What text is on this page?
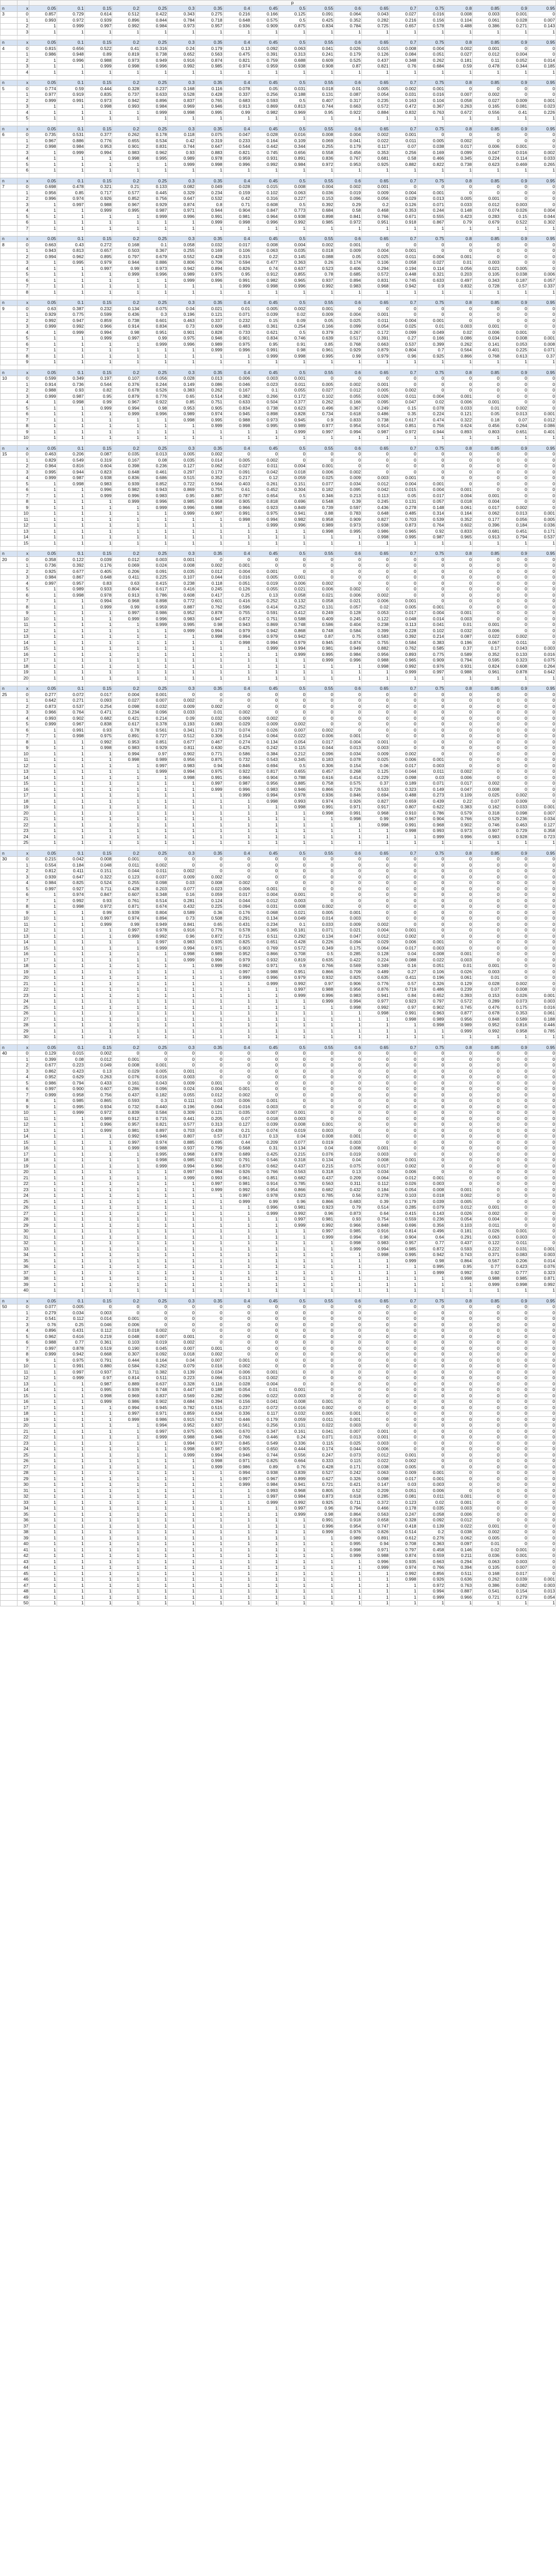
		p																		
n	x	0.05	0.1	0.15	0.2	0.25	0.3	0.35	0.4	0.45	0.5	0.55	0.6	0.65	0.7	0.75	0.8	0.85	0.9	0.95
3	0	0.857	0.729	0.614	0.512	0.422	0.343	0.275	0.216	0.166	0.125	0.091	0.064	0.043	0.027	0.016	0.008	0.003	0.001	0
	1	0.993	0.972	0.939	0.896	0.844	0.784	0.718	0.648	0.575	0.5	0.425	0.352	0.282	0.216	0.156	0.104	0.061	0.028	0.007
	2	1	0.999	0.997	0.992	0.984	0.973	0.957	0.936	0.909	0.875	0.834	0.784	0.725	0.657	0.578	0.488	0.386	0.271	0.143
	3	1	1	1	1	1	1	1	1	1	1	1	1	1	1	1	1	1	1	1

n	x	0.05	0.1	0.15	0.2	0.25	0.3	0.35	0.4	0.45	0.5	0.55	0.6	0.65	0.7	0.75	0.8	0.85	0.9	0.95
4	0	0.815	0.656	0.522	0.41	0.316	0.24	0.179	0.13	0.092	0.063	0.041	0.026	0.015	0.008	0.004	0.002	0.001	0	0
	1	0.986	0.948	0.89	0.819	0.738	0.652	0.563	0.475	0.391	0.313	0.241	0.179	0.126	0.084	0.051	0.027	0.012	0.004	0
	2	1	0.996	0.988	0.973	0.949	0.916	0.874	0.821	0.759	0.688	0.609	0.525	0.437	0.348	0.262	0.181	0.11	0.052	0.014
	3	1	1	0.999	0.998	0.996	0.992	0.985	0.974	0.959	0.938	0.908	0.87	0.821	0.76	0.684	0.59	0.478	0.344	0.185
	4	1	1	1	1	1	1	1	1	1	1	1	1	1	1	1	1	1	1	1

n	x	0.05	0.1	0.15	0.2	0.25	0.3	0.35	0.4	0.45	0.5	0.55	0.6	0.65	0.7	0.75	0.8	0.85	0.9	0.95
5	0	0.774	0.59	0.444	0.328	0.237	0.168	0.116	0.078	0.05	0.031	0.018	0.01	0.005	0.002	0.001	0	0	0	0
	1	0.977	0.919	0.835	0.737	0.633	0.528	0.428	0.337	0.256	0.188	0.131	0.087	0.054	0.031	0.016	0.007	0.002	0	0
	2	0.999	0.991	0.973	0.942	0.896	0.837	0.765	0.683	0.593	0.5	0.407	0.317	0.235	0.163	0.104	0.058	0.027	0.009	0.001
	3	1	1	0.998	0.993	0.984	0.969	0.946	0.913	0.869	0.813	0.744	0.663	0.572	0.472	0.367	0.263	0.165	0.081	0.023
	4	1	1	1	1	0.999	0.998	0.995	0.99	0.982	0.969	0.95	0.922	0.884	0.832	0.763	0.672	0.556	0.41	0.226
	5	1	1	1	1	1	1	1	1	1	1	1	1	1	1	1	1	1	1	1

n	x	0.05	0.1	0.15	0.2	0.25	0.3	0.35	0.4	0.45	0.5	0.55	0.6	0.65	0.7	0.75	0.8	0.85	0.9	0.95
6	0	0.735	0.531	0.377	0.262	0.178	0.118	0.075	0.047	0.028	0.016	0.008	0.004	0.002	0.001	0	0	0	0	0
	1	0.967	0.886	0.776	0.655	0.534	0.42	0.319	0.233	0.164	0.109	0.069	0.041	0.022	0.011	0.005	0.002	0	0	0
	2	0.998	0.984	0.953	0.901	0.831	0.744	0.647	0.544	0.442	0.344	0.255	0.179	0.117	0.07	0.038	0.017	0.006	0.001	0
	3	1	0.999	0.994	0.983	0.962	0.93	0.883	0.821	0.745	0.656	0.558	0.456	0.353	0.256	0.169	0.099	0.047	0.016	0.002
	4	1	1	1	0.998	0.995	0.989	0.978	0.959	0.931	0.891	0.836	0.767	0.681	0.58	0.466	0.345	0.224	0.114	0.033
	5	1	1	1	1	1	0.999	0.998	0.996	0.992	0.984	0.972	0.953	0.925	0.882	0.822	0.738	0.623	0.469	0.265
	6	1	1	1	1	1	1	1	1	1	1	1	1	1	1	1	1	1	1	1

n	x	0.05	0.1	0.15	0.2	0.25	0.3	0.35	0.4	0.45	0.5	0.55	0.6	0.65	0.7	0.75	0.8	0.85	0.9	0.95
7	0	0.698	0.478	0.321	0.21	0.133	0.082	0.049	0.028	0.015	0.008	0.004	0.002	0.001	0	0	0	0	0	0
	1	0.956	0.85	0.717	0.577	0.445	0.329	0.234	0.159	0.102	0.063	0.036	0.019	0.009	0.004	0.001	0	0	0	0
	2	0.996	0.974	0.926	0.852	0.756	0.647	0.532	0.42	0.316	0.227	0.153	0.096	0.056	0.029	0.013	0.005	0.001	0	0
	3	1	0.997	0.988	0.967	0.929	0.874	0.8	0.71	0.608	0.5	0.392	0.29	0.2	0.126	0.071	0.033	0.012	0.003	0
	4	1	1	0.999	0.995	0.987	0.971	0.944	0.904	0.847	0.773	0.684	0.58	0.468	0.353	0.244	0.148	0.074	0.026	0.004
	5	1	1	1	1	0.999	0.996	0.991	0.981	0.964	0.938	0.898	0.841	0.766	0.671	0.555	0.423	0.283	0.15	0.044
	6	1	1	1	1	1	1	0.999	0.998	0.996	0.992	0.985	0.972	0.951	0.918	0.867	0.79	0.679	0.522	0.302
	7	1	1	1	1	1	1	1	1	1	1	1	1	1	1	1	1	1	1	1

n	x	0.05	0.1	0.15	0.2	0.25	0.3	0.35	0.4	0.45	0.5	0.55	0.6	0.65	0.7	0.75	0.8	0.85	0.9	0.95
8	0	0.663	0.43	0.272	0.168	0.1	0.058	0.032	0.017	0.008	0.004	0.002	0.001	0	0	0	0	0	0	0
	1	0.943	0.813	0.657	0.503	0.367	0.255	0.169	0.106	0.063	0.035	0.018	0.009	0.004	0.001	0	0	0	0	0
	2	0.994	0.962	0.895	0.797	0.679	0.552	0.428	0.315	0.22	0.145	0.088	0.05	0.025	0.011	0.004	0.001	0	0	0
	3	1	0.995	0.979	0.944	0.886	0.806	0.706	0.594	0.477	0.363	0.26	0.174	0.106	0.058	0.027	0.01	0.003	0	0
	4	1	1	0.997	0.99	0.973	0.942	0.894	0.826	0.74	0.637	0.523	0.406	0.294	0.194	0.114	0.056	0.021	0.005	0
	5	1	1	1	0.999	0.996	0.989	0.975	0.95	0.912	0.855	0.78	0.685	0.572	0.448	0.321	0.203	0.105	0.038	0.006
	6	1	1	1	1	1	0.999	0.996	0.991	0.982	0.965	0.937	0.894	0.831	0.745	0.633	0.497	0.343	0.187	0.057
	7	1	1	1	1	1	1	1	0.999	0.998	0.996	0.992	0.983	0.968	0.942	0.9	0.832	0.728	0.57	0.337
	8	1	1	1	1	1	1	1	1	1	1	1	1	1	1	1	1	1	1	1

n	x	0.05	0.1	0.15	0.2	0.25	0.3	0.35	0.4	0.45	0.5	0.55	0.6	0.65	0.7	0.75	0.8	0.85	0.9	0.95
9	0	0.63	0.387	0.232	0.134	0.075	0.04	0.021	0.01	0.005	0.002	0.001	0	0	0	0	0	0	0	0
	1	0.929	0.775	0.599	0.436	0.3	0.196	0.121	0.071	0.039	0.02	0.009	0.004	0.001	0	0	0	0	0	0
	2	0.992	0.947	0.859	0.738	0.601	0.463	0.337	0.232	0.15	0.09	0.05	0.025	0.011	0.004	0.001	0	0	0	0
	3	0.999	0.992	0.966	0.914	0.834	0.73	0.609	0.483	0.361	0.254	0.166	0.099	0.054	0.025	0.01	0.003	0.001	0	0
	4	1	0.999	0.994	0.98	0.951	0.901	0.828	0.733	0.621	0.5	0.379	0.267	0.172	0.099	0.049	0.02	0.006	0.001	0
	5	1	1	0.999	0.997	0.99	0.975	0.946	0.901	0.834	0.746	0.639	0.517	0.391	0.27	0.166	0.086	0.034	0.008	0.001
	6	1	1	1	1	0.999	0.996	0.989	0.975	0.95	0.91	0.85	0.768	0.663	0.537	0.399	0.262	0.141	0.053	0.008
	7	1	1	1	1	1	1	0.999	0.996	0.991	0.98	0.961	0.929	0.879	0.804	0.7	0.564	0.401	0.225	0.071
	8	1	1	1	1	1	1	1	1	0.999	0.998	0.995	0.99	0.979	0.96	0.925	0.866	0.768	0.613	0.37
	9	1	1	1	1	1	1	1	1	1	1	1	1	1	1	1	1	1	1	1

n	x	0.05	0.1	0.15	0.2	0.25	0.3	0.35	0.4	0.45	0.5	0.55	0.6	0.65	0.7	0.75	0.8	0.85	0.9	0.95
10	0	0.599	0.349	0.197	0.107	0.056	0.028	0.013	0.006	0.003	0.001	0	0	0	0	0	0	0	0	0
	1	0.914	0.736	0.544	0.376	0.244	0.149	0.086	0.046	0.023	0.011	0.005	0.002	0.001	0	0	0	0	0	0
	2	0.988	0.93	0.82	0.678	0.526	0.383	0.262	0.167	0.1	0.055	0.027	0.012	0.005	0.002	0	0	0	0	0
	3	0.999	0.987	0.95	0.879	0.776	0.65	0.514	0.382	0.266	0.172	0.102	0.055	0.026	0.011	0.004	0.001	0	0	0
	4	1	0.998	0.99	0.967	0.922	0.85	0.751	0.633	0.504	0.377	0.262	0.166	0.095	0.047	0.02	0.006	0.001	0	0
	5	1	1	0.999	0.994	0.98	0.953	0.905	0.834	0.738	0.623	0.496	0.367	0.249	0.15	0.078	0.033	0.01	0.002	0
	6	1	1	1	0.999	0.996	0.989	0.974	0.945	0.898	0.828	0.734	0.618	0.486	0.35	0.224	0.121	0.05	0.013	0.001
	7	1	1	1	1	1	0.998	0.995	0.988	0.973	0.945	0.9	0.833	0.738	0.617	0.474	0.322	0.18	0.07	0.012
	8	1	1	1	1	1	1	0.999	0.998	0.995	0.989	0.977	0.954	0.914	0.851	0.756	0.624	0.456	0.264	0.086
	9	1	1	1	1	1	1	1	1	1	0.999	0.997	0.994	0.987	0.972	0.944	0.893	0.803	0.651	0.401
	10	1	1	1	1	1	1	1	1	1	1	1	1	1	1	1	1	1	1	1

n	x	0.05	0.1	0.15	0.2	0.25	0.3	0.35	0.4	0.45	0.5	0.55	0.6	0.65	0.7	0.75	0.8	0.85	0.9	0.95
15	0	0.463	0.206	0.087	0.035	0.013	0.005	0.002	0	0	0	0	0	0	0	0	0	0	0	0
	1	0.829	0.549	0.319	0.167	0.08	0.035	0.014	0.005	0.002	0	0	0	0	0	0	0	0	0	0
	2	0.964	0.816	0.604	0.398	0.236	0.127	0.062	0.027	0.011	0.004	0.001	0	0	0	0	0	0	0	0
	3	0.995	0.944	0.823	0.648	0.461	0.297	0.173	0.091	0.042	0.018	0.006	0.002	0	0	0	0	0	0	0
	4	0.999	0.987	0.938	0.836	0.686	0.515	0.352	0.217	0.12	0.059	0.025	0.009	0.003	0.001	0	0	0	0	0
	5	1	0.998	0.983	0.939	0.852	0.722	0.564	0.403	0.261	0.151	0.077	0.034	0.012	0.004	0.001	0	0	0	0
	6	1	1	0.996	0.982	0.943	0.869	0.755	0.61	0.452	0.304	0.182	0.095	0.042	0.015	0.004	0.001	0	0	0
	7	1	1	0.999	0.996	0.983	0.95	0.887	0.787	0.654	0.5	0.346	0.213	0.113	0.05	0.017	0.004	0.001	0	0
	8	1	1	1	0.999	0.996	0.985	0.958	0.905	0.818	0.696	0.548	0.39	0.245	0.131	0.057	0.018	0.004	0	0
	9	1	1	1	1	0.999	0.996	0.988	0.966	0.923	0.849	0.739	0.597	0.436	0.278	0.148	0.061	0.017	0.002	0
	10	1	1	1	1	1	0.999	0.997	0.991	0.975	0.941	0.88	0.783	0.648	0.485	0.314	0.164	0.062	0.013	0.001
	11	1	1	1	1	1	1	1	0.998	0.994	0.982	0.958	0.909	0.827	0.703	0.539	0.352	0.177	0.056	0.005
	12	1	1	1	1	1	1	1	1	0.999	0.996	0.989	0.973	0.938	0.873	0.764	0.602	0.396	0.184	0.036
	13	1	1	1	1	1	1	1	1	1	1	0.998	0.995	0.986	0.965	0.92	0.833	0.681	0.451	0.171
	14	1	1	1	1	1	1	1	1	1	1	1	1	0.998	0.995	0.987	0.965	0.913	0.794	0.537
	15	1	1	1	1	1	1	1	1	1	1	1	1	1	1	1	1	1	1	1

n	x	0.05	0.1	0.15	0.2	0.25	0.3	0.35	0.4	0.45	0.5	0.55	0.6	0.65	0.7	0.75	0.8	0.85	0.9	0.95
20	0	0.358	0.122	0.039	0.012	0.003	0.001	0	0	0	0	0	0	0	0	0	0	0	0	0
	1	0.736	0.392	0.176	0.069	0.024	0.008	0.002	0.001	0	0	0	0	0	0	0	0	0	0	0
	2	0.925	0.677	0.405	0.206	0.091	0.035	0.012	0.004	0.001	0	0	0	0	0	0	0	0	0	0
	3	0.984	0.867	0.648	0.411	0.225	0.107	0.044	0.016	0.005	0.001	0	0	0	0	0	0	0	0	0
	4	0.997	0.957	0.83	0.63	0.415	0.238	0.118	0.051	0.019	0.006	0.002	0	0	0	0	0	0	0	0
	5	1	0.989	0.933	0.804	0.617	0.416	0.245	0.126	0.055	0.021	0.006	0.002	0	0	0	0	0	0	0
	6	1	0.998	0.978	0.913	0.786	0.608	0.417	0.25	0.13	0.058	0.021	0.006	0.002	0	0	0	0	0	0
	7	1	1	0.994	0.968	0.898	0.772	0.601	0.416	0.252	0.132	0.058	0.021	0.006	0.001	0	0	0	0	0
	8	1	1	0.999	0.99	0.959	0.887	0.762	0.596	0.414	0.252	0.131	0.057	0.02	0.005	0.001	0	0	0	0
	9	1	1	1	0.997	0.986	0.952	0.878	0.755	0.591	0.412	0.249	0.128	0.053	0.017	0.004	0.001	0	0	0
	10	1	1	1	0.999	0.996	0.983	0.947	0.872	0.751	0.588	0.409	0.245	0.122	0.048	0.014	0.003	0	0	0
	11	1	1	1	1	0.999	0.995	0.98	0.943	0.869	0.748	0.586	0.404	0.238	0.113	0.041	0.01	0.001	0	0
	12	1	1	1	1	1	0.999	0.994	0.979	0.942	0.868	0.748	0.584	0.399	0.228	0.102	0.032	0.006	0	0
	13	1	1	1	1	1	1	0.998	0.994	0.979	0.942	0.87	0.75	0.583	0.392	0.214	0.087	0.022	0.002	0
	14	1	1	1	1	1	1	1	0.998	0.994	0.979	0.945	0.874	0.755	0.584	0.383	0.196	0.067	0.011	0
	15	1	1	1	1	1	1	1	1	0.999	0.994	0.981	0.949	0.882	0.762	0.585	0.37	0.17	0.043	0.003
	16	1	1	1	1	1	1	1	1	1	0.999	0.995	0.984	0.956	0.893	0.775	0.589	0.352	0.133	0.016
	17	1	1	1	1	1	1	1	1	1	1	0.999	0.996	0.988	0.965	0.909	0.794	0.595	0.323	0.075
	18	1	1	1	1	1	1	1	1	1	1	1	1	0.998	0.992	0.976	0.931	0.824	0.608	0.264
	19	1	1	1	1	1	1	1	1	1	1	1	1	1	0.999	0.997	0.988	0.961	0.878	0.642
	20	1	1	1	1	1	1	1	1	1	1	1	1	1	1	1	1	1	1	1

n	x	0.05	0.1	0.15	0.2	0.25	0.3	0.35	0.4	0.45	0.5	0.55	0.6	0.65	0.7	0.75	0.8	0.85	0.9	0.95
25	0	0.277	0.072	0.017	0.004	0.001	0	0	0	0	0	0	0	0	0	0	0	0	0	0
	1	0.642	0.271	0.093	0.027	0.007	0.002	0	0	0	0	0	0	0	0	0	0	0	0	0
	2	0.873	0.537	0.254	0.098	0.032	0.009	0.002	0	0	0	0	0	0	0	0	0	0	0	0
	3	0.966	0.764	0.471	0.234	0.096	0.033	0.01	0.002	0	0	0	0	0	0	0	0	0	0	0
	4	0.993	0.902	0.682	0.421	0.214	0.09	0.032	0.009	0.002	0	0	0	0	0	0	0	0	0	0
	5	0.999	0.967	0.838	0.617	0.378	0.193	0.083	0.029	0.009	0.002	0	0	0	0	0	0	0	0	0
	6	1	0.991	0.93	0.78	0.561	0.341	0.173	0.074	0.026	0.007	0.002	0	0	0	0	0	0	0	0
	7	1	0.998	0.975	0.891	0.727	0.512	0.306	0.154	0.064	0.022	0.006	0.001	0	0	0	0	0	0	0
	8	1	1	0.992	0.953	0.851	0.677	0.467	0.274	0.134	0.054	0.017	0.004	0.001	0	0	0	0	0	0
	9	1	1	0.998	0.983	0.929	0.811	0.630	0.425	0.242	0.115	0.044	0.013	0.003	0	0	0	0	0	0
	10	1	1	1	0.994	0.97	0.902	0.771	0.586	0.384	0.212	0.096	0.034	0.009	0.002	0	0	0	0	0
	11	1	1	1	0.998	0.989	0.956	0.875	0.732	0.543	0.345	0.183	0.078	0.025	0.006	0.001	0	0	0	0
	12	1	1	1	1	0.997	0.983	0.94	0.846	0.694	0.5	0.306	0.154	0.06	0.017	0.003	0	0	0	0
	13	1	1	1	1	0.999	0.994	0.975	0.922	0.817	0.655	0.457	0.268	0.125	0.044	0.011	0.002	0	0	0
	14	1	1	1	1	1	0.998	0.991	0.966	0.904	0.788	0.616	0.414	0.229	0.098	0.03	0.006	0	0	0
	15	1	1	1	1	1	1	0.997	0.987	0.956	0.885	0.758	0.575	0.37	0.189	0.071	0.017	0.002	0	0
	16	1	1	1	1	1	1	0.999	0.996	0.983	0.946	0.866	0.726	0.533	0.323	0.149	0.047	0.008	0	0
	17	1	1	1	1	1	1	1	0.999	0.994	0.978	0.936	0.846	0.694	0.488	0.273	0.109	0.025	0.002	0
	18	1	1	1	1	1	1	1	1	0.998	0.993	0.974	0.926	0.827	0.659	0.439	0.22	0.07	0.009	0
	19	1	1	1	1	1	1	1	1	1	0.998	0.991	0.971	0.917	0.807	0.622	0.383	0.162	0.033	0.001
	20	1	1	1	1	1	1	1	1	1	1	0.998	0.991	0.968	0.910	0.786	0.579	0.318	0.098	0.007
	21	1	1	1	1	1	1	1	1	1	1	1	0.998	0.99	0.967	0.904	0.766	0.529	0.236	0.034
	22	1	1	1	1	1	1	1	1	1	1	1	1	0.998	0.991	0.968	0.902	0.746	0.463	0.127
	23	1	1	1	1	1	1	1	1	1	1	1	1	1	0.998	0.993	0.973	0.907	0.729	0.358
	24	1	1	1	1	1	1	1	1	1	1	1	1	1	1	0.999	0.996	0.983	0.928	0.723
	25	1	1	1	1	1	1	1	1	1	1	1	1	1	1	1	1	1	1	1

n	x	0.05	0.1	0.15	0.2	0.25	0.3	0.35	0.4	0.45	0.5	0.55	0.6	0.65	0.7	0.75	0.8	0.85	0.9	0.95
30	0	0.215	0.042	0.008	0.001	0	0	0	0	0	0	0	0	0	0	0	0	0	0	0
	1	0.554	0.184	0.048	0.011	0.002	0	0	0	0	0	0	0	0	0	0	0	0	0	0
	2	0.812	0.411	0.151	0.044	0.011	0.002	0	0	0	0	0	0	0	0	0	0	0	0	0
	3	0.939	0.647	0.322	0.123	0.037	0.009	0.002	0	0	0	0	0	0	0	0	0	0	0	0
	4	0.984	0.825	0.524	0.255	0.098	0.03	0.008	0.002	0	0	0	0	0	0	0	0	0	0	0
	5	0.997	0.927	0.711	0.428	0.203	0.077	0.023	0.006	0.001	0	0	0	0	0	0	0	0	0	0
	6	1	0.974	0.847	0.607	0.348	0.16	0.059	0.017	0.004	0.001	0	0	0	0	0	0	0	0	0
	7	1	0.992	0.93	0.761	0.514	0.281	0.124	0.044	0.012	0.003	0	0	0	0	0	0	0	0	0
	8	1	0.998	0.972	0.871	0.674	0.432	0.225	0.094	0.031	0.008	0.002	0	0	0	0	0	0	0	0
	9	1	1	0.99	0.939	0.804	0.589	0.36	0.176	0.068	0.021	0.005	0.001	0	0	0	0	0	0	0
	10	1	1	0.997	0.974	0.894	0.73	0.508	0.291	0.134	0.049	0.014	0.003	0	0	0	0	0	0	0
	11	1	1	0.999	0.99	0.949	0.841	0.65	0.431	0.234	0.1	0.033	0.009	0.002	0	0	0	0	0	0
	12	1	1	1	0.997	0.978	0.916	0.776	0.578	0.365	0.181	0.071	0.021	0.004	0.001	0	0	0	0	0
	13	1	1	1	0.999	0.992	0.96	0.872	0.715	0.511	0.292	0.134	0.047	0.012	0.002	0	0	0	0	0
	14	1	1	1	1	0.997	0.983	0.935	0.825	0.651	0.428	0.226	0.094	0.029	0.006	0.001	0	0	0	0
	15	1	1	1	1	0.999	0.994	0.971	0.903	0.769	0.572	0.349	0.175	0.064	0.017	0.003	0	0	0	0
	16	1	1	1	1	1	0.998	0.989	0.952	0.866	0.708	0.5	0.285	0.128	0.04	0.008	0.001	0	0	0
	17	1	1	1	1	1	0.999	0.996	0.979	0.932	0.819	0.635	0.422	0.224	0.088	0.022	0.003	0	0	0
	18	1	1	1	1	1	1	0.999	0.992	0.971	0.9	0.766	0.569	0.349	0.16	0.051	0.01	0.001	0	0
	19	1	1	1	1	1	1	1	0.997	0.988	0.951	0.866	0.709	0.489	0.27	0.106	0.026	0.003	0	0
	20	1	1	1	1	1	1	1	0.999	0.996	0.979	0.932	0.825	0.635	0.411	0.196	0.061	0.01	0	0
	21	1	1	1	1	1	1	1	1	0.999	0.992	0.97	0.906	0.776	0.57	0.326	0.129	0.028	0.002	0
	22	1	1	1	1	1	1	1	1	1	0.997	0.988	0.956	0.876	0.719	0.486	0.239	0.07	0.008	0
	23	1	1	1	1	1	1	1	1	1	0.999	0.996	0.983	0.941	0.84	0.652	0.393	0.153	0.026	0.001
	24	1	1	1	1	1	1	1	1	1	1	0.999	0.994	0.977	0.923	0.797	0.572	0.289	0.073	0.003
	25	1	1	1	1	1	1	1	1	1	1	1	0.998	0.992	0.97	0.902	0.745	0.476	0.175	0.016
	26	1	1	1	1	1	1	1	1	1	1	1	1	0.998	0.991	0.963	0.877	0.678	0.353	0.061
	27	1	1	1	1	1	1	1	1	1	1	1	1	1	0.998	0.989	0.956	0.848	0.589	0.188
	28	1	1	1	1	1	1	1	1	1	1	1	1	1	1	0.998	0.989	0.952	0.816	0.446
	29	1	1	1	1	1	1	1	1	1	1	1	1	1	1	1	0.999	0.992	0.958	0.785
	30	1	1	1	1	1	1	1	1	1	1	1	1	1	1	1	1	1	1	1

n	x	0.05	0.1	0.15	0.2	0.25	0.3	0.35	0.4	0.45	0.5	0.55	0.6	0.65	0.7	0.75	0.8	0.85	0.9	0.95
40	0	0.129	0.015	0.002	0	0	0	0	0	0	0	0	0	0	0	0	0	0	0	0
	1	0.399	0.08	0.012	0.001	0	0	0	0	0	0	0	0	0	0	0	0	0	0	0
	2	0.677	0.223	0.049	0.008	0.001	0	0	0	0	0	0	0	0	0	0	0	0	0	0
	3	0.862	0.423	0.13	0.029	0.005	0.001	0	0	0	0	0	0	0	0	0	0	0	0	0
	4	0.952	0.629	0.263	0.076	0.016	0.003	0	0	0	0	0	0	0	0	0	0	0	0	0
	5	0.986	0.794	0.433	0.161	0.043	0.009	0.001	0	0	0	0	0	0	0	0	0	0	0	0
	6	0.997	0.900	0.607	0.286	0.096	0.024	0.004	0.001	0	0	0	0	0	0	0	0	0	0	0
	7	0.999	0.958	0.756	0.437	0.182	0.055	0.012	0.002	0	0	0	0	0	0	0	0	0	0	0
	8	1	0.985	0.865	0.593	0.3	0.111	0.03	0.006	0.001	0	0	0	0	0	0	0	0	0	0
	9	1	0.995	0.934	0.732	0.440	0.196	0.064	0.016	0.003	0	0	0	0	0	0	0	0	0	0
	10	1	0.999	0.972	0.839	0.584	0.309	0.121	0.035	0.007	0.001	0	0	0	0	0	0	0	0	0
	11	1	1	0.989	0.912	0.715	0.441	0.205	0.07	0.018	0.003	0	0	0	0	0	0	0	0	0
	12	1	1	0.996	0.957	0.821	0.577	0.313	0.127	0.039	0.008	0.001	0	0	0	0	0	0	0	0
	13	1	1	0.999	0.981	0.897	0.703	0.439	0.21	0.074	0.019	0.003	0	0	0	0	0	0	0	0
	14	1	1	1	0.992	0.946	0.807	0.57	0.317	0.13	0.04	0.008	0.001	0	0	0	0	0	0	0
	15	1	1	1	0.997	0.974	0.885	0.695	0.44	0.209	0.077	0.019	0.003	0	0	0	0	0	0	0
	16	1	1	1	0.999	0.988	0.937	0.799	0.568	0.31	0.134	0.04	0.008	0.001	0	0	0	0	0	0
	17	1	1	1	1	0.995	0.968	0.878	0.689	0.425	0.215	0.076	0.019	0.003	0	0	0	0	0	0
	18	1	1	1	1	0.998	0.985	0.932	0.791	0.546	0.318	0.134	0.04	0.008	0.001	0	0	0	0	0
	19	1	1	1	1	0.999	0.994	0.966	0.870	0.662	0.437	0.215	0.075	0.017	0.002	0	0	0	0	0
	20	1	1	1	1	1	0.997	0.984	0.926	0.766	0.563	0.318	0.13	0.034	0.006	0	0	0	0	0
	21	1	1	1	1	1	0.999	0.993	0.961	0.851	0.682	0.437	0.209	0.064	0.012	0.001	0	0	0	0
	22	1	1	1	1	1	1	0.997	0.981	0.914	0.785	0.563	0.311	0.112	0.026	0.003	0	0	0	0
	23	1	1	1	1	1	1	0.999	0.992	0.954	0.866	0.682	0.432	0.184	0.054	0.008	0.001	0	0	0
	24	1	1	1	1	1	1	1	0.997	0.978	0.923	0.785	0.56	0.278	0.103	0.018	0.002	0	0	0
	25	1	1	1	1	1	1	1	0.999	0.99	0.96	0.866	0.683	0.39	0.179	0.039	0.005	0	0	0
	26	1	1	1	1	1	1	1	1	0.996	0.981	0.923	0.79	0.514	0.285	0.079	0.012	0.001	0	0
	27	1	1	1	1	1	1	1	1	0.999	0.992	0.96	0.873	0.64	0.415	0.143	0.026	0.002	0	0
	28	1	1	1	1	1	1	1	1	1	0.997	0.981	0.93	0.754	0.559	0.236	0.054	0.004	0	0
	29	1	1	1	1	1	1	1	1	1	0.999	0.992	0.966	0.848	0.696	0.356	0.103	0.011	0	0
	30	1	1	1	1	1	1	1	1	1	1	0.997	0.985	0.916	0.814	0.496	0.181	0.026	0.001	0
	31	1	1	1	1	1	1	1	1	1	1	0.999	0.994	0.96	0.904	0.64	0.291	0.063	0.003	0
	32	1	1	1	1	1	1	1	1	1	1	1	0.998	0.983	0.957	0.77	0.437	0.122	0.011	0
	33	1	1	1	1	1	1	1	1	1	1	1	0.999	0.994	0.985	0.872	0.593	0.222	0.031	0.001
	34	1	1	1	1	1	1	1	1	1	1	1	1	0.998	0.995	0.942	0.743	0.371	0.083	0.003
	35	1	1	1	1	1	1	1	1	1	1	1	1	1	0.999	0.98	0.864	0.567	0.206	0.014
	36	1	1	1	1	1	1	1	1	1	1	1	1	1	1	0.995	0.95	0.77	0.423	0.076
	37	1	1	1	1	1	1	1	1	1	1	1	1	1	1	0.999	0.992	0.92	0.777	0.323
	38	1	1	1	1	1	1	1	1	1	1	1	1	1	1	1	0.998	0.988	0.985	0.871
	39	1	1	1	1	1	1	1	1	1	1	1	1	1	1	1	1	0.999	0.998	0.992
	40	1	1	1	1	1	1	1	1	1	1	1	1	1	1	1	1	1	1	1

n	x	0.05	0.1	0.15	0.2	0.25	0.3	0.35	0.4	0.45	0.5	0.55	0.6	0.65	0.7	0.75	0.8	0.85	0.9	0.95
50	0	0.077	0.005	0	0	0	0	0	0	0	0	0	0	0	0	0	0	0	0	0
	1	0.279	0.034	0.003	0	0	0	0	0	0	0	0	0	0	0	0	0	0	0	0
	2	0.541	0.112	0.014	0.001	0	0	0	0	0	0	0	0	0	0	0	0	0	0	0
	3	0.76	0.25	0.046	0.006	0	0	0	0	0	0	0	0	0	0	0	0	0	0	0
	4	0.896	0.431	0.112	0.018	0.002	0	0	0	0	0	0	0	0	0	0	0	0	0	0
	5	0.962	0.616	0.219	0.048	0.007	0.001	0	0	0	0	0	0	0	0	0	0	0	0	0
	6	0.988	0.77	0.361	0.103	0.019	0.002	0	0	0	0	0	0	0	0	0	0	0	0	0
	7	0.997	0.878	0.519	0.190	0.045	0.007	0.001	0	0	0	0	0	0	0	0	0	0	0	0
	8	0.999	0.942	0.668	0.307	0.092	0.018	0.002	0	0	0	0	0	0	0	0	0	0	0	0
	9	1	0.975	0.791	0.444	0.164	0.04	0.007	0.001	0	0	0	0	0	0	0	0	0	0	0
	10	1	0.991	0.880	0.584	0.262	0.079	0.016	0.002	0	0	0	0	0	0	0	0	0	0	0
	11	1	0.997	0.937	0.711	0.382	0.139	0.034	0.006	0.001	0	0	0	0	0	0	0	0	0	0
	12	1	0.999	0.97	0.814	0.511	0.223	0.066	0.013	0.002	0	0	0	0	0	0	0	0	0	0
	13	1	1	0.987	0.889	0.637	0.328	0.116	0.028	0.004	0	0	0	0	0	0	0	0	0	0
	14	1	1	0.995	0.939	0.748	0.447	0.188	0.054	0.01	0.001	0	0	0	0	0	0	0	0	0
	15	1	1	0.998	0.969	0.837	0.569	0.282	0.096	0.022	0.003	0	0	0	0	0	0	0	0	0
	16	1	1	0.999	0.986	0.902	0.684	0.394	0.156	0.041	0.008	0.001	0	0	0	0	0	0	0	0
	17	1	1	1	0.994	0.945	0.782	0.515	0.237	0.072	0.016	0.002	0	0	0	0	0	0	0	0
	18	1	1	1	0.997	0.971	0.859	0.634	0.336	0.117	0.032	0.005	0.001	0	0	0	0	0	0	0
	19	1	1	1	0.999	0.986	0.915	0.743	0.446	0.179	0.059	0.011	0.001	0	0	0	0	0	0	0
	20	1	1	1	1	0.994	0.952	0.837	0.561	0.256	0.101	0.022	0.003	0	0	0	0	0	0	0
	21	1	1	1	1	0.997	0.975	0.905	0.670	0.347	0.161	0.041	0.007	0.001	0	0	0	0	0	0
	22	1	1	1	1	0.999	0.988	0.948	0.766	0.446	0.24	0.071	0.013	0.001	0	0	0	0	0	0
	23	1	1	1	1	1	0.994	0.973	0.845	0.549	0.336	0.115	0.025	0.003	0	0	0	0	0	0
	24	1	1	1	1	1	0.998	0.987	0.905	0.650	0.444	0.174	0.044	0.006	0	0	0	0	0	0
	25	1	1	1	1	1	0.999	0.994	0.946	0.744	0.556	0.247	0.073	0.012	0.001	0	0	0	0	0
	26	1	1	1	1	1	1	0.998	0.971	0.825	0.664	0.333	0.115	0.022	0.002	0	0	0	0	0
	27	1	1	1	1	1	1	0.999	0.986	0.89	0.76	0.428	0.171	0.038	0.005	0	0	0	0	0
	28	1	1	1	1	1	1	1	0.994	0.938	0.839	0.527	0.242	0.063	0.009	0.001	0	0	0	0
	29	1	1	1	1	1	1	1	0.997	0.967	0.899	0.627	0.326	0.098	0.017	0.001	0	0	0	0
	30	1	1	1	1	1	1	1	0.999	0.984	0.941	0.721	0.421	0.147	0.03	0.003	0	0	0	0
	31	1	1	1	1	1	1	1	1	0.993	0.968	0.805	0.52	0.209	0.051	0.006	0	0	0	0
	32	1	1	1	1	1	1	1	1	0.997	0.984	0.873	0.618	0.285	0.081	0.011	0.001	0	0	0
	33	1	1	1	1	1	1	1	1	0.999	0.992	0.925	0.711	0.372	0.123	0.02	0.001	0	0	0
	34	1	1	1	1	1	1	1	1	1	0.997	0.96	0.794	0.466	0.178	0.035	0.003	0	0	0
	35	1	1	1	1	1	1	1	1	1	0.999	0.98	0.864	0.563	0.247	0.058	0.006	0	0	0
	36	1	1	1	1	1	1	1	1	1	1	0.991	0.918	0.658	0.328	0.092	0.012	0	0	0
	37	1	1	1	1	1	1	1	1	1	1	0.996	0.954	0.747	0.418	0.139	0.022	0.001	0	0
	38	1	1	1	1	1	1	1	1	1	1	0.999	0.976	0.826	0.514	0.2	0.038	0.002	0	0
	39	1	1	1	1	1	1	1	1	1	1	1	0.989	0.891	0.612	0.276	0.062	0.005	0	0
	40	1	1	1	1	1	1	1	1	1	1	1	0.995	0.94	0.708	0.363	0.097	0.01	0	0
	41	1	1	1	1	1	1	1	1	1	1	1	0.998	0.971	0.797	0.458	0.146	0.02	0.001	0
	42	1	1	1	1	1	1	1	1	1	1	1	0.999	0.988	0.874	0.559	0.211	0.036	0.001	0
	43	1	1	1	1	1	1	1	1	1	1	1	1	0.996	0.935	0.663	0.294	0.063	0.003	0
	44	1	1	1	1	1	1	1	1	1	1	1	1	0.999	0.974	0.766	0.394	0.105	0.007	0
	45	1	1	1	1	1	1	1	1	1	1	1	1	1	0.992	0.856	0.511	0.168	0.017	0
	46	1	1	1	1	1	1	1	1	1	1	1	1	1	0.998	0.926	0.636	0.262	0.039	0.001
	47	1	1	1	1	1	1	1	1	1	1	1	1	1	1	0.972	0.763	0.386	0.082	0.003
	48	1	1	1	1	1	1	1	1	1	1	1	1	1	1	0.994	0.887	0.541	0.154	0.013
	49	1	1	1	1	1	1	1	1	1	1	1	1	1	1	0.999	0.966	0.721	0.279	0.054
	50	1	1	1	1	1	1	1	1	1	1	1	1	1	1	1	1	1	1	1
